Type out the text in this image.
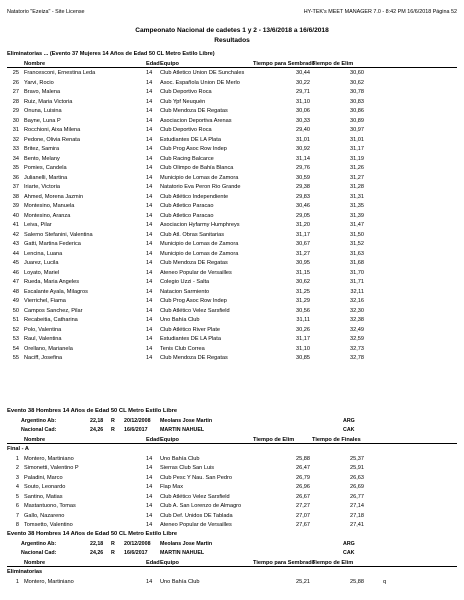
Natatorio "Ezeiza" - Site License	HY-TEK's MEET MANAGER 7.0 - 8:42 PM 16/6/2018 Página 52
Campeonato Nacional de cadetes 1 y 2 - 13/6/2018 a 16/6/2018
Resultados
Eliminatorias ... (Evento 37 Mujeres 14 Años de Edad 50 CL Metro Estilo Libre)
Nombre	Edad Equipo	Tiempo para Sembrado
Tiempo de Elim
25 Francesconi, Ernestina Leda	14 Club Atletico Union DE Sunchales	30,44	30,60
26 Yarvi, Rocio	14 Asoc. Española Union DE Merlo	30,22	30,62
27 Bravo, Malena	14 Club Deportivo Roca	29,71	30,78
28 Ruiz, Maria Victoria	14 Club Ypf Neuquén	31,10	30,83
29 Onuna, Luisina	14 Club Mendoza DE Regatas	30,06	30,86
30 Bayne, Luna P	14 Asociacion Deportiva Arenas	30,33	30,89
31 Rocchioni, Aixa Milena	14 Club Deportivo Roca	29,40	30,97
32 Pedone, Olivia Renata	14 Estudiantes DE LA Plata	31,01	31,01
33 Britez, Samira	14 Club Prog Asoc Row Indep	30,92	31,17
34 Bento, Melany	14 Club Racing Balcarce	31,14	31,19
35 Pomies, Candela	14 Club Olimpo de Bahía Blanca	29,76	31,26
36 Julianelli, Martina	14 Municipio de Lomas de Zamora	30,59	31,27
37 Iriarte, Victoria	14 Natatorio Eva Peron Rio Grande	29,38	31,28
38 Ahmed, Morena Jazmin	14 Club Atlético Independiente	29,83	31,31
39 Montesino, Manuela	14 Club Atletico Paracao	30,46	31,35
40 Montesino, Aranza	14 Club Atletico Paracao	29,05	31,39
41 Leiva, Pilar	14 Asociacion Hyfarmy Humphreys	31,20	31,47
42 Salerno Stefanini, Valentina	14 Club Atl. Obras Sanitarias	31,17	31,50
43 Gatti, Martina Federica	14 Municipio de Lomas de Zamora	30,67	31,52
44 Lencina, Luana	14 Municipio de Lomas de Zamora	31,27	31,63
45 Juarez, Lucila	14 Club Mendoza DE Regatas	30,95	31,68
46 Loyato, Mariel	14 Ateneo Popular de Versailles	31,15	31,70
47 Rueda, Maria Angeles	14 Colegio Uzzi - Salta	30,62	31,71
48 Escalante Ayala, Milagros	14 Natacion Sarmiento	31,25	32,11
49 Vierrichel, Fiama	14 Club Prog Asoc Row Indep	31,29	32,16
50 Campos Sanchez, Pilar	14 Club Atlético Velez Sarsfield	30,56	32,30
51 Recabeitia, Catharina	14 Uno Bahía Club	31,11	32,38
52 Polo, Valentina	14 Club Atlético River Plate	30,26	32,49
53 Raul, Valentina	14 Estudiantes DE LA Plata	31,17	32,59
54 Orellano, Marianela	14 Tenis Club Correa	31,10	32,73
55 Naciff, Josefina	14 Club Mendoza DE Regatas	30,85	32,78
Evento 38 Hombres 14 Años de Edad 50 CL Metro Estilo Libre
Argentino Ab:	22,18 R 20/12/2008 Meolans Jose Martin	ARG
Nacional Cad:	24,26 R 16/6/2017 MARTIN NAHUEL	CAK
Nombre	Edad Equipo	Tiempo de Elim	Tiempo de Finales
Final - A
1 Montero, Martiniano	14 Uno Bahía Club	25,88	25,37
2 Simonetti, Valentino P	14 Sierras Club San Luis	26,47	25,91
3 Paladini, Marco	14 Club Pesc Y Nau. San Pedro	26,79	26,63
4 Souto, Leonardo	14 Flap Max	26,96	26,69
5 Santino, Matias	14 Club Atlético Velez Sarsfield	26,67	26,77
6 Mastantuono, Tomas	14 Club A. San Lorenzo de Almagro	27,27	27,14
7 Gallo, Nazareno	14 Club Def. Unidos DE Tablada	27,07	27,18
8 Tomsetto, Valentino	14 Ateneo Popular de Versailles	27,67	27,41
Evento 38 Hombres 14 Años de Edad 50 CL Metro Estilo Libre
Argentino Ab:	22,18 R 20/12/2008 Meolans Jose Martin	ARG
Nacional Cad:	24,26 R 16/6/2017 MARTIN NAHUEL	CAK
Nombre	Edad Equipo	Tiempo para Sembrado
Tiempo de Elim
Eliminatorias
1 Montero, Martiniano	14 Uno Bahía Club	25,21	25,88	q
